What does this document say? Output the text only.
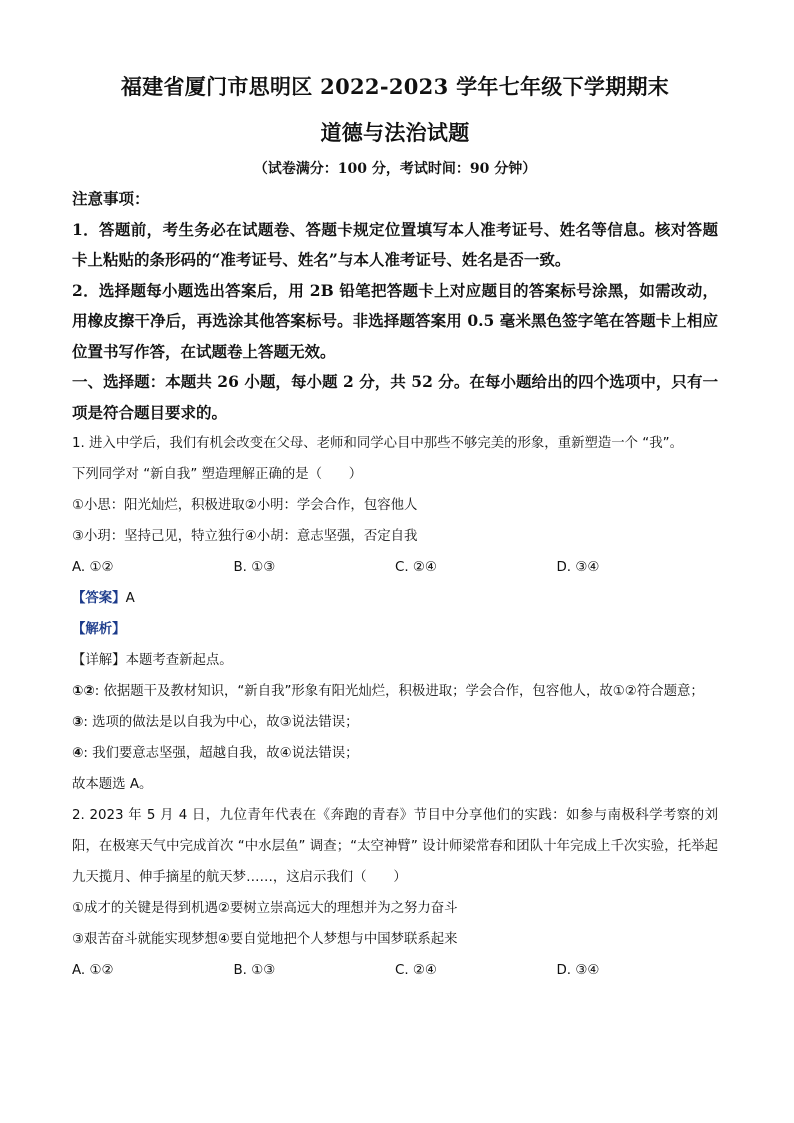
福建省厦门市思明区 2022-2023 学年七年级下学期期末
道德与法治试题
（试卷满分：100 分，考试时间：90 分钟）
注意事项：
1．答题前，考生务必在试题卷、答题卡规定位置填写本人准考证号、姓名等信息。核对答题卡上粘贴的条形码的“准考证号、姓名”与本人准考证号、姓名是否一致。
2．选择题每小题选出答案后，用 2B 铅笔把答题卡上对应题目的答案标号涂黑，如需改动，用橡皮擦干净后，再选涂其他答案标号。非选择题答案用 0.5 毫米黑色签字笔在答题卡上相应位置书写作答，在试题卷上答题无效。
一、选择题：本题共 26 小题，每小题 2 分，共 52 分。在每小题给出的四个选项中，只有一项是符合题目要求的。
1. 进入中学后，我们有机会改变在父母、老师和同学心目中那些不够完美的形象，重新塑造一个 “我”。
下列同学对 “新自我” 塑造理解正确的是（　　）
①小思：阳光灿烂，积极进取②小明：学会合作，包容他人
③小玥：坚持己见，特立独行④小胡：意志坚强，否定自我
A. ①②	B. ①③	C. ②④	D. ③④
【答案】A
【解析】
【详解】本题考查新起点。
①②: 依据题干及教材知识，“新自我”形象有阳光灿烂，积极进取；学会合作，包容他人，故①②符合题意；
③: 选项的做法是以自我为中心，故③说法错误；
④: 我们要意志坚强，超越自我，故④说法错误；
故本题选 A。
2. 2023 年 5 月 4 日，九位青年代表在《奔跑的青春》节目中分享他们的实践：如参与南极科学考察的刘阳，在极寒天气中完成首次 “中水层鱼” 调查；“太空神臂” 设计师梁常春和团队十年完成上千次实验，托举起九天揽月、伸手摘星的航天梦……，这启示我们（　　）
①成才的关键是得到机遇②要树立崇高远大的理想并为之努力奋斗
③艰苦奋斗就能实现梦想④要自觉地把个人梦想与中国梦联系起来
A. ①②	B. ①③	C. ②④	D. ③④
